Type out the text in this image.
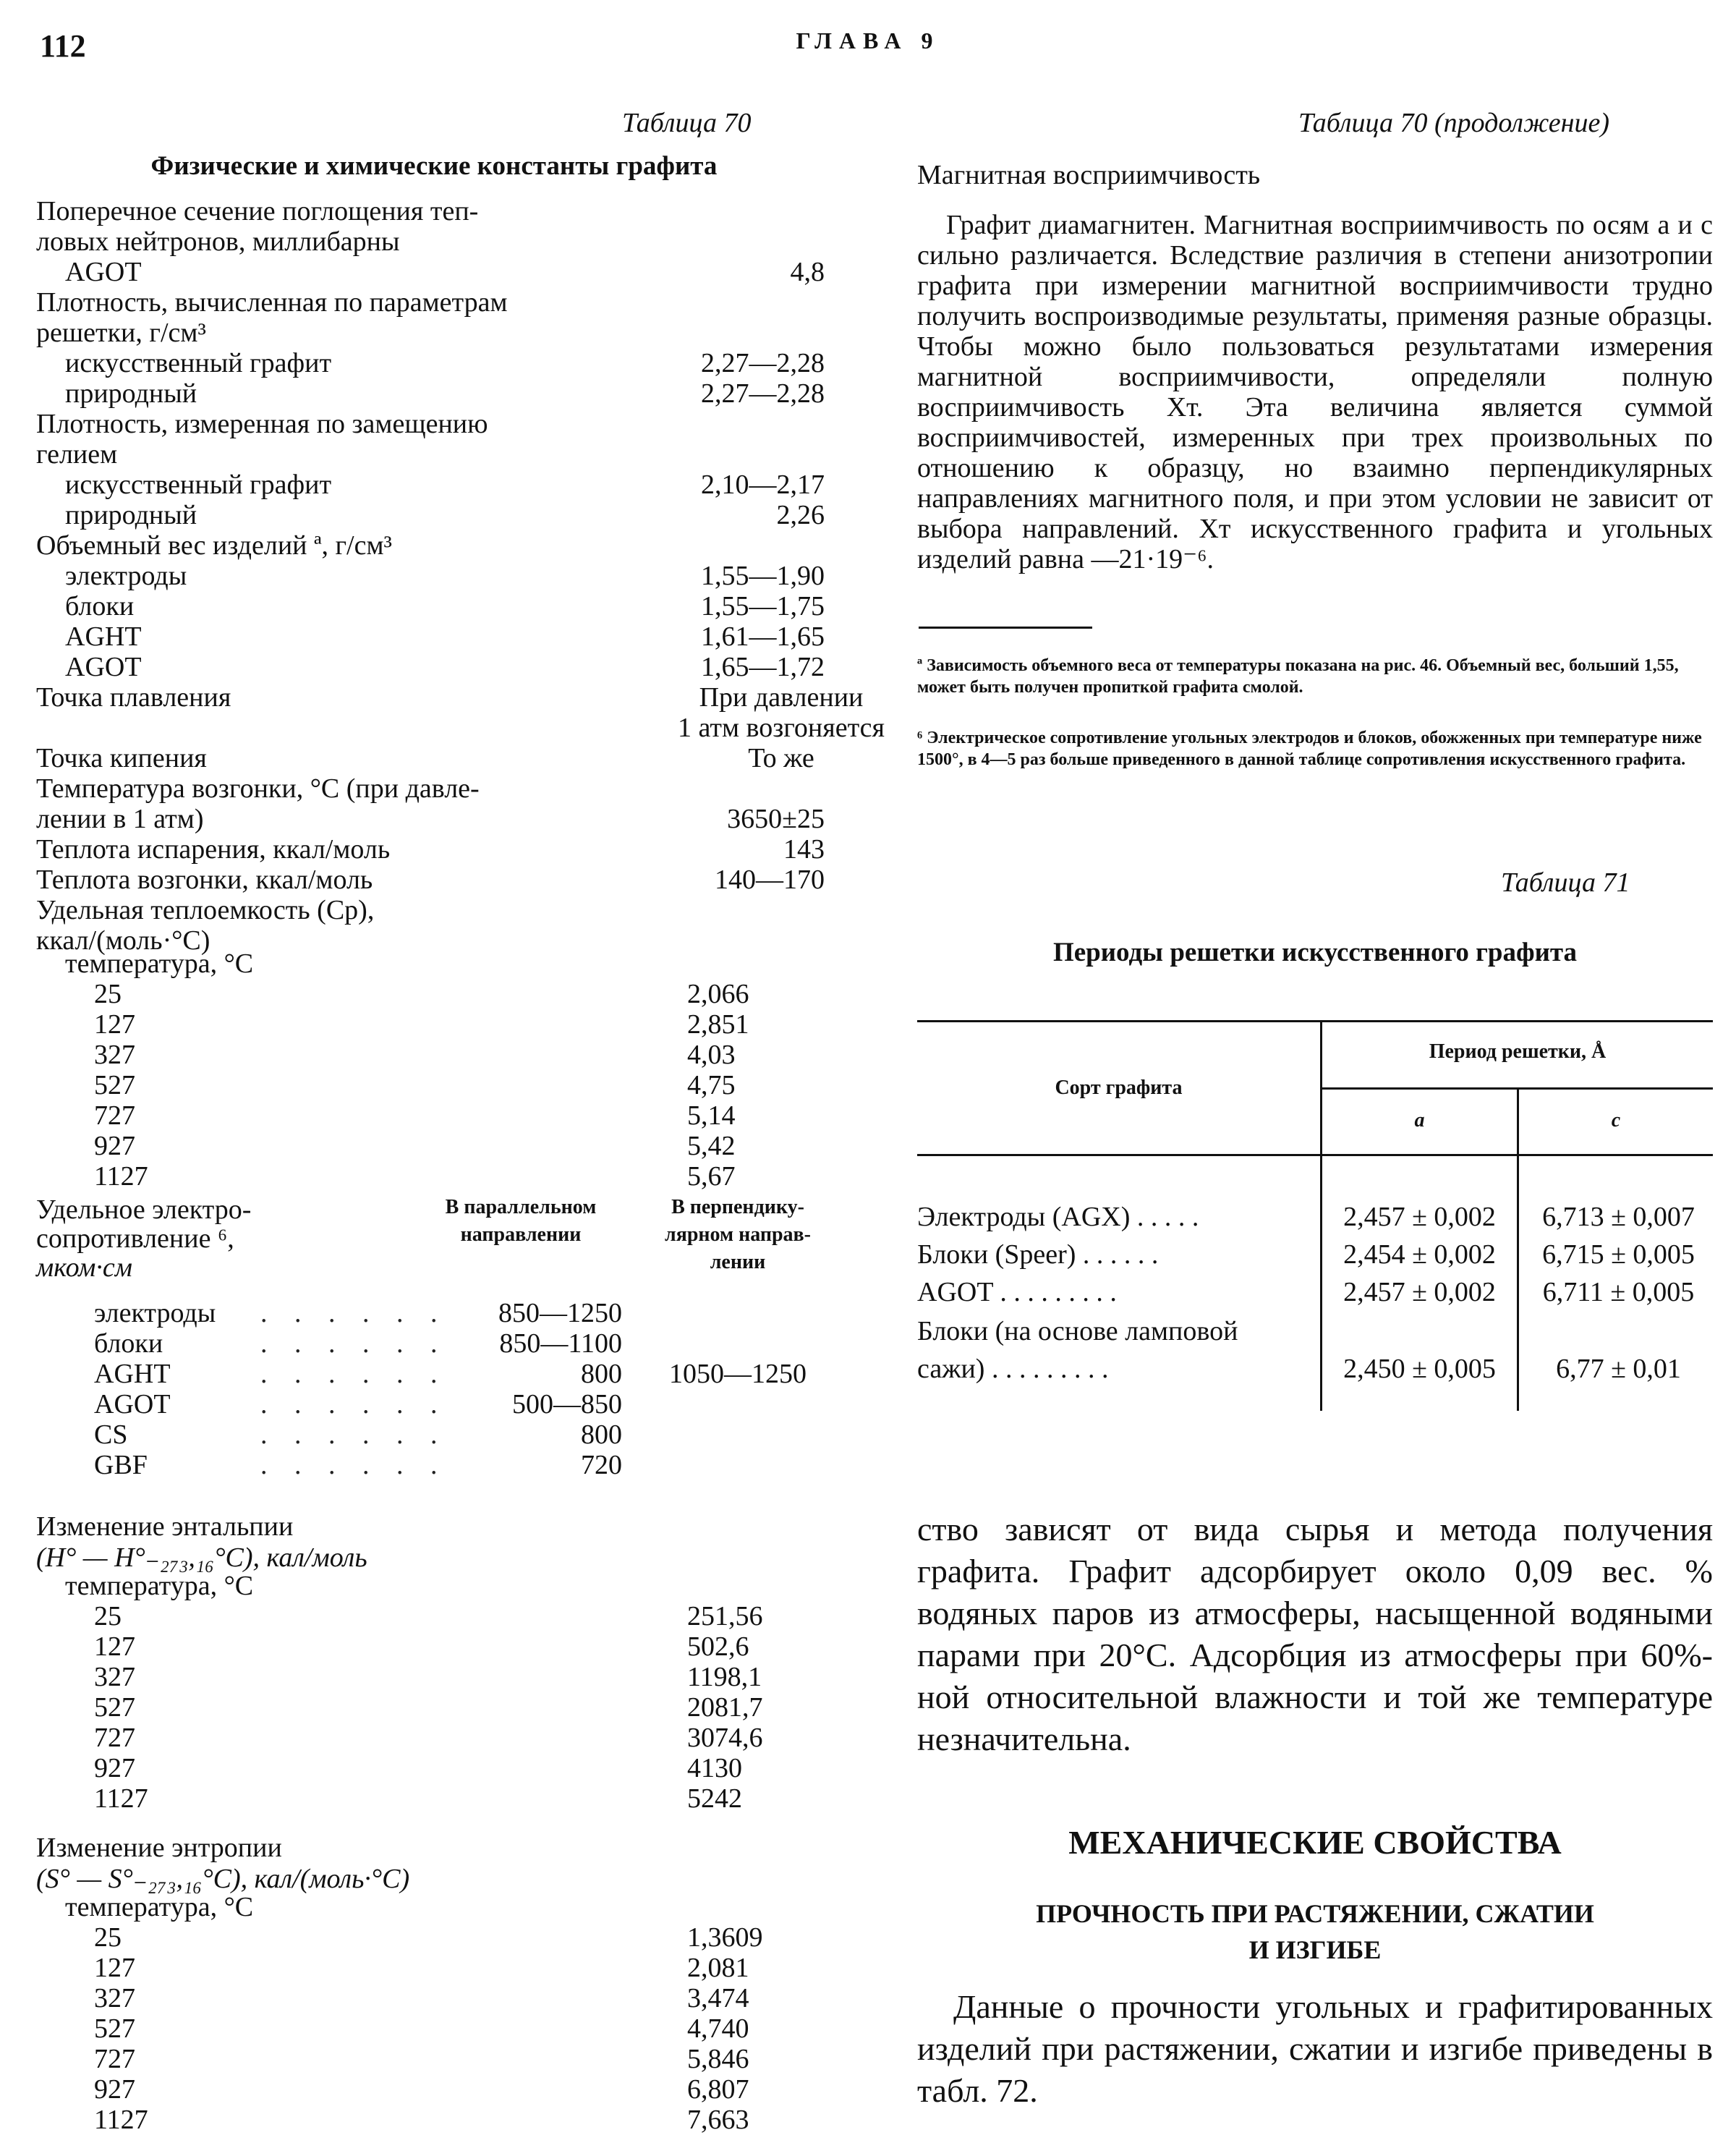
112	ГЛАВА 9
Таблица 70
Физические и химические константы графита
Поперечное сечение поглощения теп-
ловых нейтронов, миллибарны
AGOT	4,8
Плотность, вычисленная по параметрам
решетки, г/см³
искусственный графит	2,27—2,28
природный	2,27—2,28
Плотность, измеренная по замещению
гелием
искусственный графит	2,10—2,17
природный	2,26
Объемный вес изделий ª, г/см³
электроды	1,55—1,90
блоки	1,55—1,75
AGHT	1,61—1,65
AGOT	1,65—1,72
Точка плавления	При давлении
1 атм возгоняется
Точка кипения	То же
Температура возгонки, °С (при давле-
лении в 1 атм)	3650±25
Теплота испарения, ккал/моль	143
Теплота возгонки, ккал/моль	140—170
Удельная теплоемкость (Cp),
ккал/(моль·°С)
температура, °С
25	2,066
127	2,851
327	4,03
527	4,75
727	5,14
927	5,42
1127	5,67
Удельное электро-
сопротивление ⁶,
мком·см
В параллельном направлении
В перпендику- лярном направ- лении
электроды . . . . . .	850—1250
блоки	. . . . . .	850—1100
AGHT	. . . . . .	800	1050—1250
AGOT	. . . . . .	500—850
CS	. . . . . .	800
GBF	. . . . . .	720
Изменение энтальпии
(H° — H°₋₂₇₃,₁₆°С), кал/моль
температура, °С
25	251,56
127	502,6
327	1198,1
527	2081,7
727	3074,6
927	4130
1127	5242
Изменение энтропии
(S° — S°₋₂₇₃,₁₆°С), кал/(моль·°С)
температура, °С
25	1,3609
127	2,081
327	3,474
527	4,740
727	5,846
927	6,807
1127	7,663
Таблица 70 (продолжение)
Магнитная восприимчивость
Графит диамагнитен. Магнитная восприимчивость по осям a и c сильно различается. Вследствие различия в степени анизотропии графита при измерении магнитной восприимчивости трудно получить воспроизводимые результаты, применяя разные образцы. Чтобы можно было пользоваться результатами измерения магнитной восприимчивости, определяли полную восприимчивость Xт. Эта величина является суммой восприимчивостей, измеренных при трех произвольных по отношению к образцу, но взаимно перпендикулярных направлениях магнитного поля, и при этом условии не зависит от выбора направлений. Xт искусственного графита и угольных изделий равна —21·19⁻⁶.
ª Зависимость объемного веса от температуры показана на рис. 46. Объемный вес, больший 1,55, может быть получен пропиткой графита смолой.
⁶ Электрическое сопротивление угольных электродов и блоков, обожженных при температуре ниже 1500°, в 4—5 раз больше приведенного в данной таблице сопротивления искусственного графита.
Таблица 71
Периоды решетки искусственного графита
Сорт графита
Период решетки, Å
a	c
Электроды (AGX) . . . . .	2,457 ± 0,002	6,713 ± 0,007
Блоки (Speer) . . . . . .	2,454 ± 0,002	6,715 ± 0,005
AGOT . . . . . . . . .	2,457 ± 0,002	6,711 ± 0,005
Блоки (на основе ламповой
сажи) . . . . . . . . .	2,450 ± 0,005	6,77 ± 0,01
ство зависят от вида сырья и метода получения графита. Графит адсорбирует около 0,09 вес. % водяных паров из атмосферы, насыщенной водяными парами при 20°С. Адсорбция из атмосферы при 60%-ной относительной влажности и той же температуре незначительна.
МЕХАНИЧЕСКИЕ СВОЙСТВА
ПРОЧНОСТЬ ПРИ РАСТЯЖЕНИИ, СЖАТИИ
И ИЗГИБЕ
Данные о прочности угольных и графитированных изделий при растяжении, сжатии и изгибе приведены в табл. 72.
